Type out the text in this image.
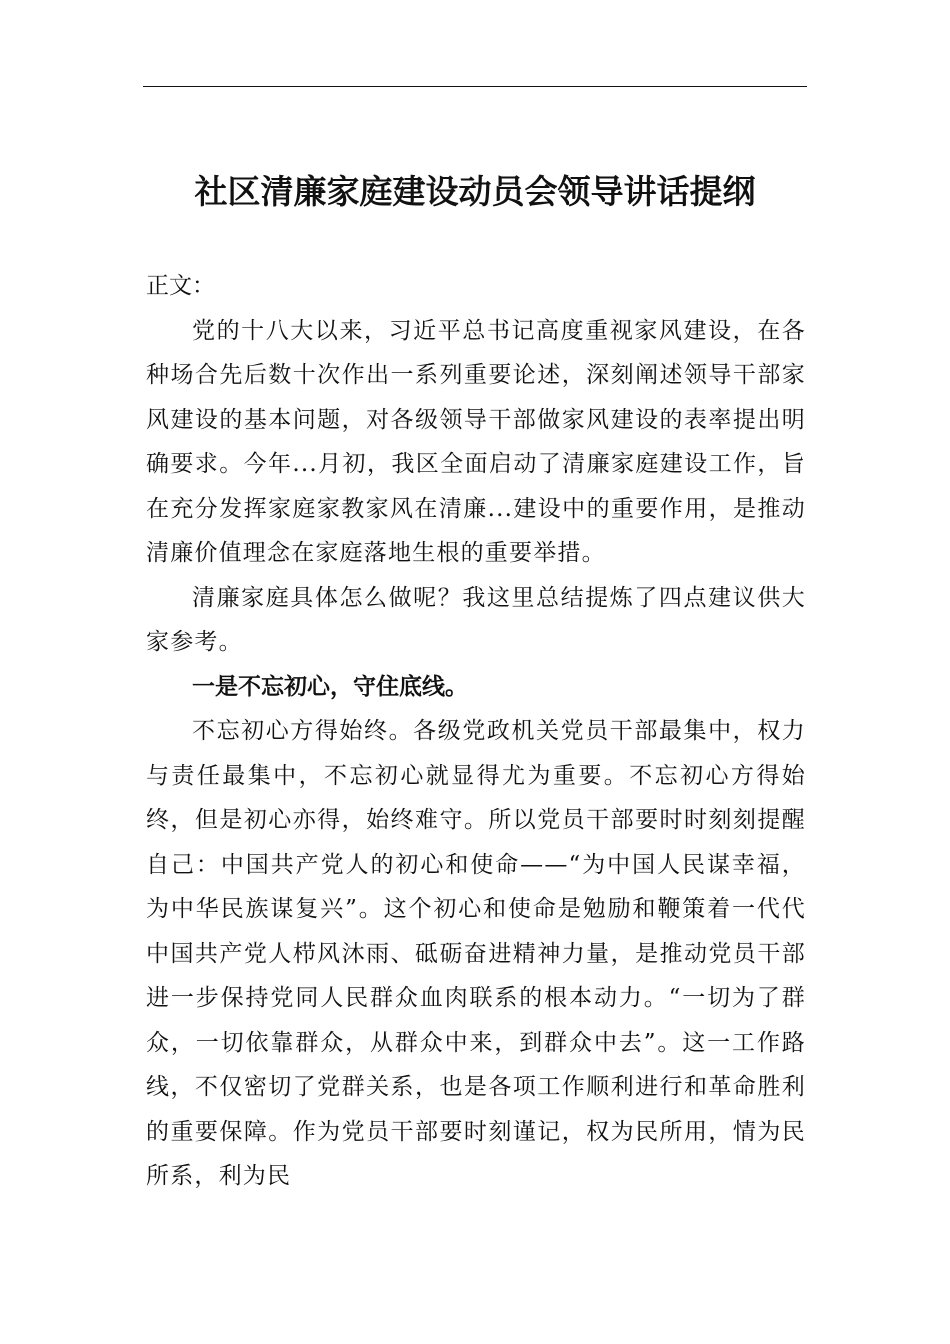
社区清廉家庭建设动员会领导讲话提纲

正文：

党的十八大以来，习近平总书记高度重视家风建设，在各种场合先后数十次作出一系列重要论述，深刻阐述领导干部家风建设的基本问题，对各级领导干部做家风建设的表率提出明确要求。今年...月初，我区全面启动了清廉家庭建设工作，旨在充分发挥家庭家教家风在清廉...建设中的重要作用，是推动清廉价值理念在家庭落地生根的重要举措。

清廉家庭具体怎么做呢？我这里总结提炼了四点建议供大家参考。

一是不忘初心，守住底线。

不忘初心方得始终。各级党政机关党员干部最集中，权力与责任最集中，不忘初心就显得尤为重要。不忘初心方得始终，但是初心亦得，始终难守。所以党员干部要时时刻刻提醒自己：中国共产党人的初心和使命——“为中国人民谋幸福，为中华民族谋复兴”。这个初心和使命是勉励和鞭策着一代代中国共产党人栉风沐雨、砥砺奋进精神力量，是推动党员干部进一步保持党同人民群众血肉联系的根本动力。“一切为了群众，一切依靠群众，从群众中来，到群众中去”。这一工作路线，不仅密切了党群关系，也是各项工作顺利进行和革命胜利的重要保障。作为党员干部要时刻谨记，权为民所用，情为民所系，利为民
